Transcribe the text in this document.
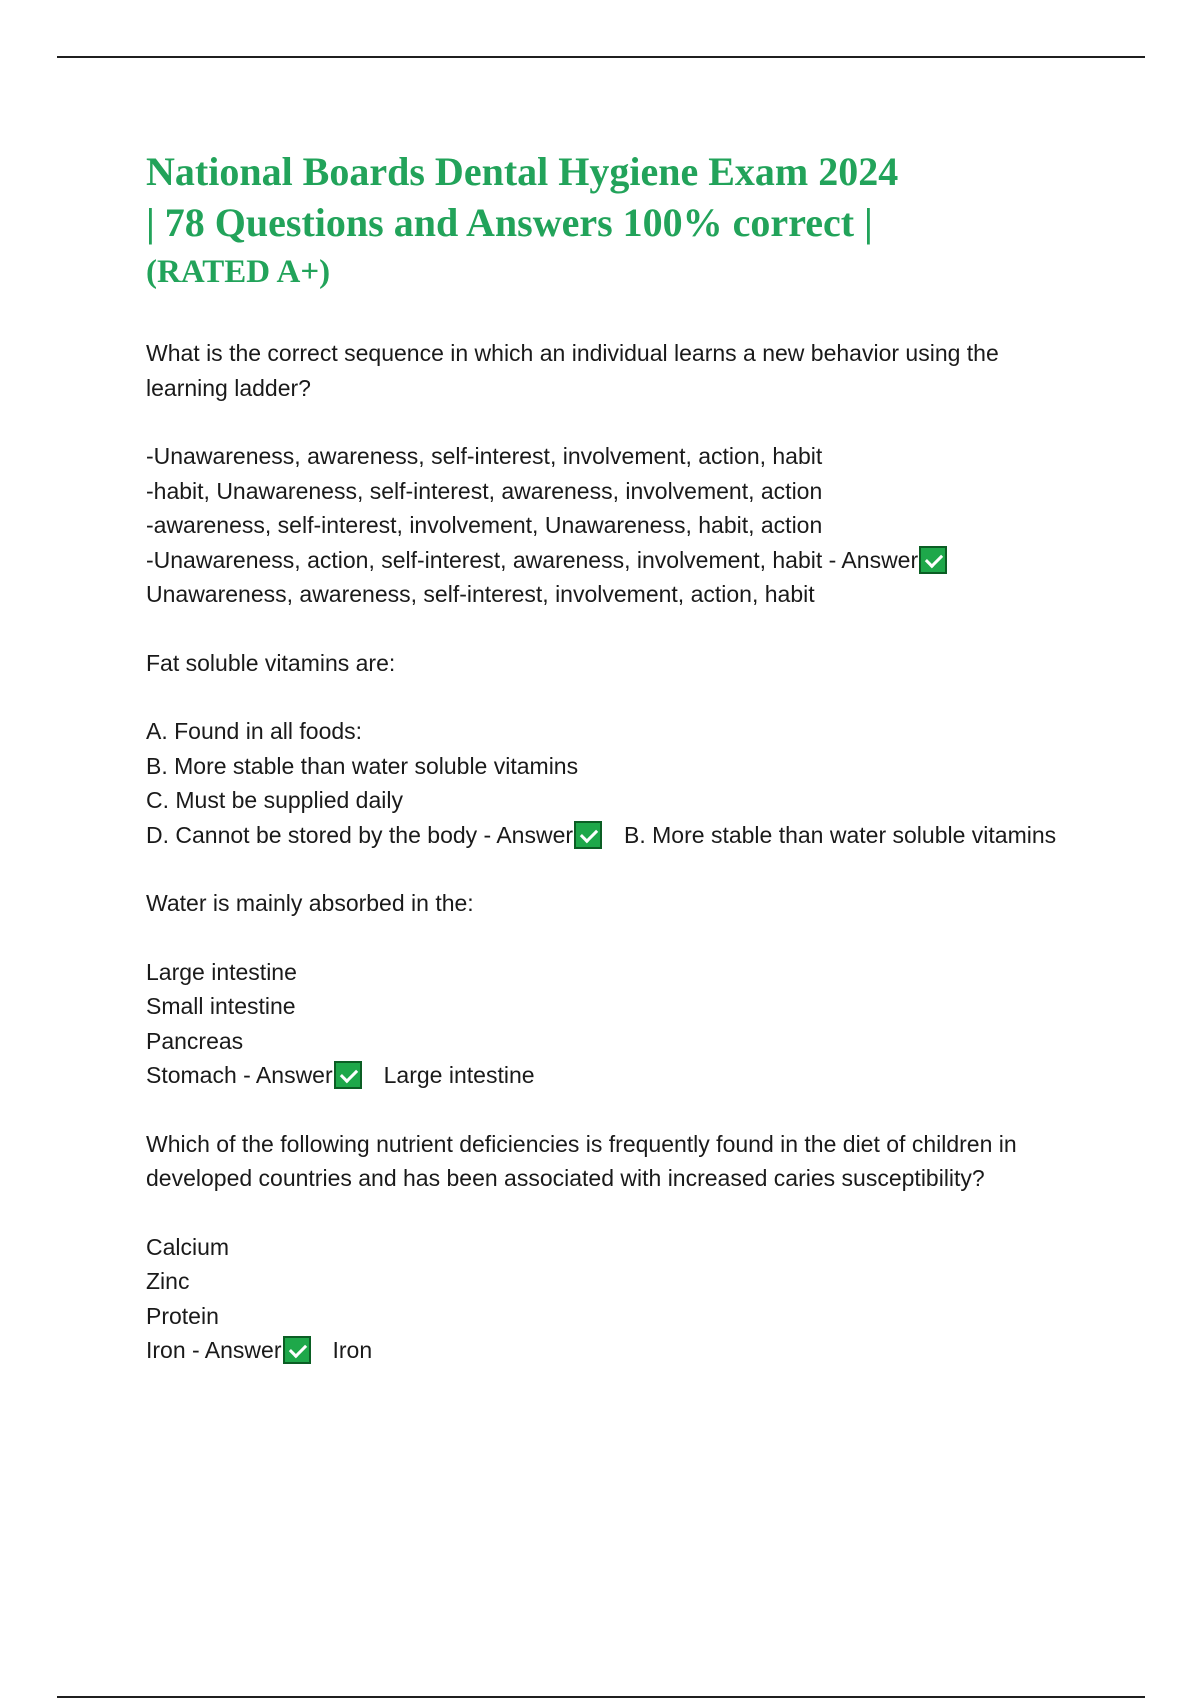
National Boards Dental Hygiene Exam 2024
| 78 Questions and Answers 100% correct |
(RATED A+)

What is the correct sequence in which an individual learns a new behavior using the learning ladder?

-Unawareness, awareness, self-interest, involvement, action, habit

-habit, Unawareness, self-interest, awareness, involvement, action

-awareness, self-interest, involvement, Unawareness, habit, action

-Unawareness, action, self-interest, awareness, involvement, habit - Answer
Unawareness, awareness, self-interest, involvement, action, habit

Fat soluble vitamins are:

A. Found in all foods:

B. More stable than water soluble vitamins

C. Must be supplied daily

D. Cannot be stored by the body - Answer B. More stable than water soluble vitamins

Water is mainly absorbed in the:

Large intestine

Small intestine

Pancreas

Stomach - Answer Large intestine

Which of the following nutrient deficiencies is frequently found in the diet of children in developed countries and has been associated with increased caries susceptibility?

Calcium

Zinc

Protein

Iron - Answer Iron
